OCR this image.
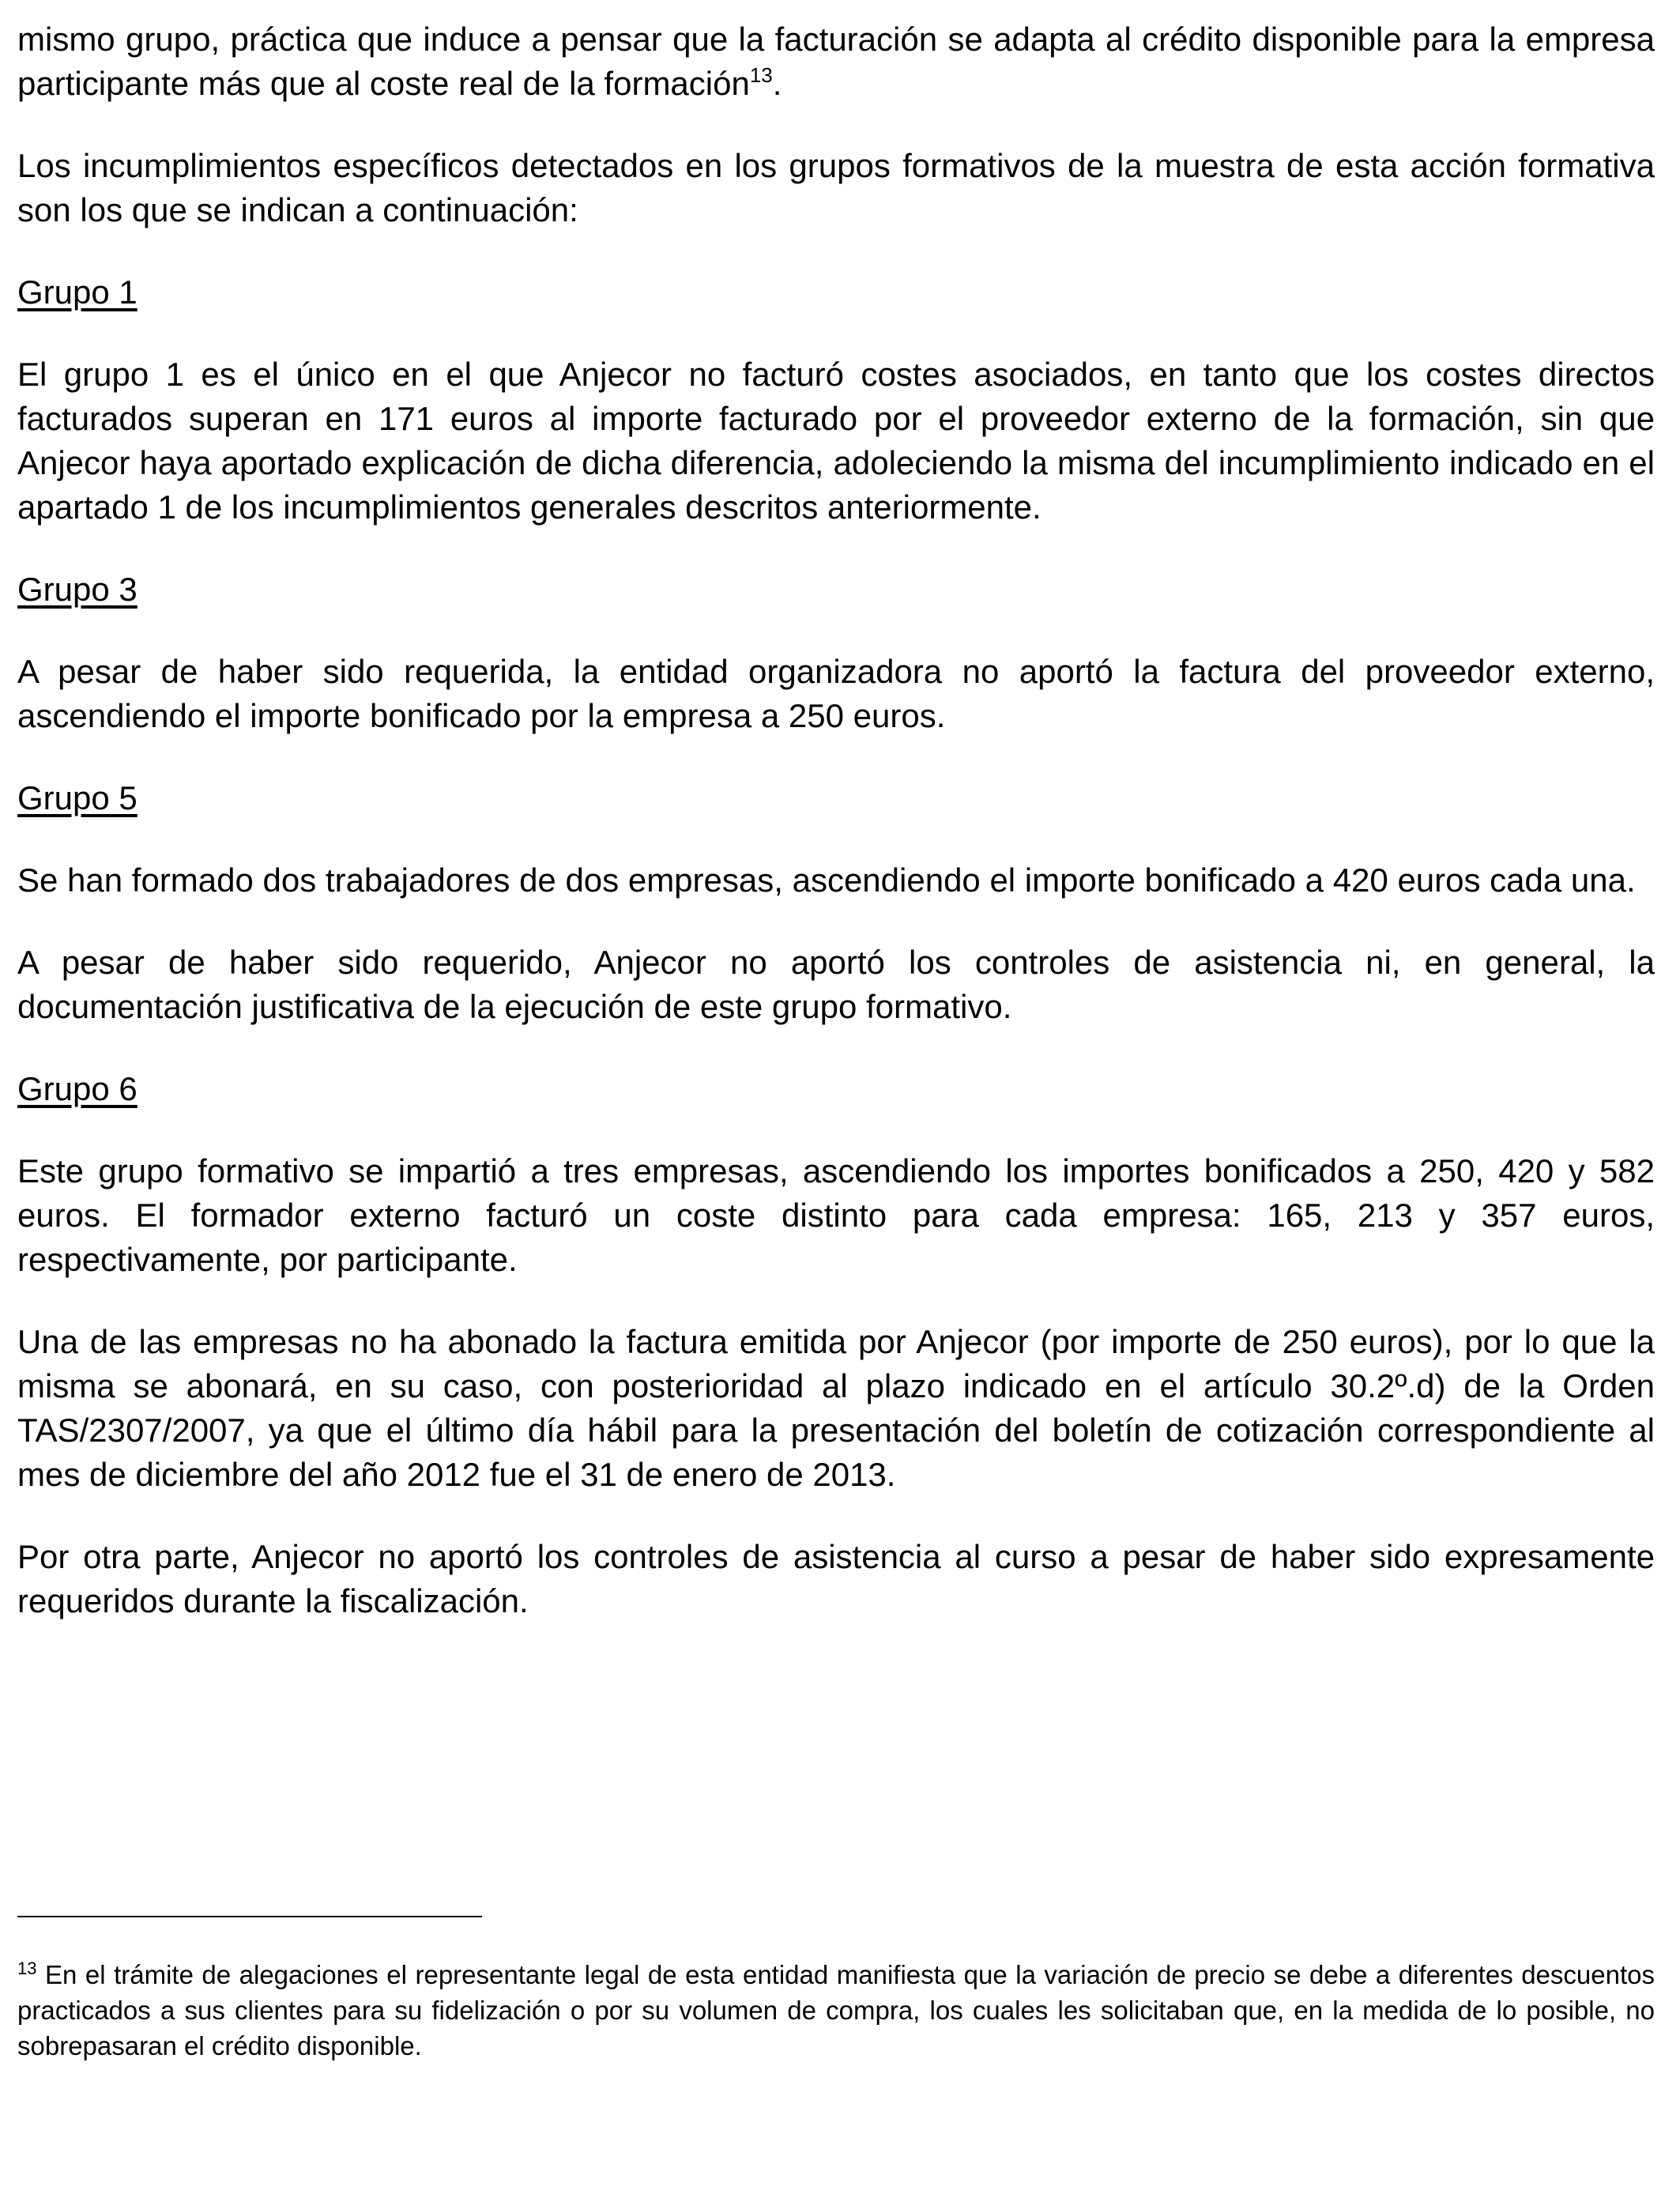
mismo grupo, práctica que induce a pensar que la facturación se adapta al crédito disponible para la empresa participante más que al coste real de la formación$^{13}$.

Los incumplimientos específicos detectados en los grupos formativos de la muestra de esta acción formativa son los que se indican a continuación:

Grupo 1

El grupo 1 es el único en el que Anjecor no facturó costes asociados, en tanto que los costes directos facturados superan en 171 euros al importe facturado por el proveedor externo de la formación, sin que Anjecor haya aportado explicación de dicha diferencia, adoleciendo la misma del incumplimiento indicado en el apartado 1 de los incumplimientos generales descritos anteriormente.

Grupo 3

A pesar de haber sido requerida, la entidad organizadora no aportó la factura del proveedor externo, ascendiendo el importe bonificado por la empresa a 250 euros.

Grupo 5

Se han formado dos trabajadores de dos empresas, ascendiendo el importe bonificado a 420 euros cada una.

A pesar de haber sido requerido, Anjecor no aportó los controles de asistencia ni, en general, la documentación justificativa de la ejecución de este grupo formativo.

Grupo 6

Este grupo formativo se impartió a tres empresas, ascendiendo los importes bonificados a 250, 420 y 582 euros. El formador externo facturó un coste distinto para cada empresa: 165, 213 y 357 euros, respectivamente, por participante.

Una de las empresas no ha abonado la factura emitida por Anjecor (por importe de 250 euros), por lo que la misma se abonará, en su caso, con posterioridad al plazo indicado en el artículo 30.2º.d) de la Orden TAS/2307/2007, ya que el último día hábil para la presentación del boletín de cotización correspondiente al mes de diciembre del año 2012 fue el 31 de enero de 2013.

Por otra parte, Anjecor no aportó los controles de asistencia al curso a pesar de haber sido expresamente requeridos durante la fiscalización.

$^{13}$ En el trámite de alegaciones el representante legal de esta entidad manifiesta que la variación de precio se debe a diferentes descuentos practicados a sus clientes para su fidelización o por su volumen de compra, los cuales les solicitaban que, en la medida de lo posible, no sobrepasaran el crédito disponible.
